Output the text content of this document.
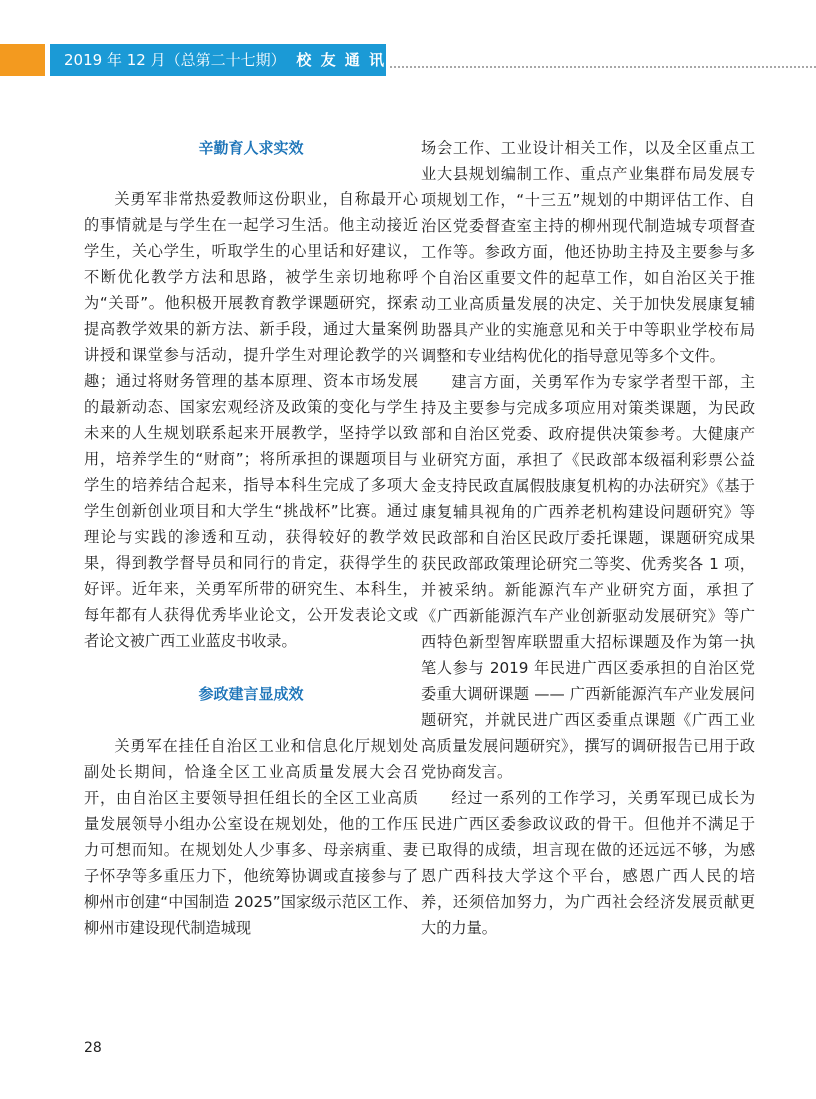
2019 年 12 月（总第二十七期） 校 友 通 讯
辛勤育人求实效

关勇军非常热爱教师这份职业，自称最开心的事情就是与学生在一起学习生活。他主动接近学生，关心学生，听取学生的心里话和好建议，不断优化教学方法和思路，被学生亲切地称呼为“关哥”。他积极开展教育教学课题研究，探索提高教学效果的新方法、新手段，通过大量案例讲授和课堂参与活动，提升学生对理论教学的兴趣；通过将财务管理的基本原理、资本市场发展的最新动态、国家宏观经济及政策的变化与学生未来的人生规划联系起来开展教学，坚持学以致用，培养学生的“财商”；将所承担的课题项目与学生的培养结合起来，指导本科生完成了多项大学生创新创业项目和大学生“挑战杯”比赛。通过理论与实践的渗透和互动，获得较好的教学效果，得到教学督导员和同行的肯定，获得学生的好评。近年来，关勇军所带的研究生、本科生，每年都有人获得优秀毕业论文，公开发表论文或者论文被广西工业蓝皮书收录。

参政建言显成效

关勇军在挂任自治区工业和信息化厅规划处副处长期间，恰逢全区工业高质量发展大会召开，由自治区主要领导担任组长的全区工业高质量发展领导小组办公室设在规划处，他的工作压力可想而知。在规划处人少事多、母亲病重、妻子怀孕等多重压力下，他统筹协调或直接参与了柳州市创建“中国制造 2025”国家级示范区工作、柳州市建设现代制造城现

场会工作、工业设计相关工作，以及全区重点工业大县规划编制工作、重点产业集群布局发展专项规划工作，“十三五”规划的中期评估工作、自治区党委督查室主持的柳州现代制造城专项督查工作等。参政方面，他还协助主持及主要参与多个自治区重要文件的起草工作，如自治区关于推动工业高质量发展的决定、关于加快发展康复辅助器具产业的实施意见和关于中等职业学校布局调整和专业结构优化的指导意见等多个文件。

建言方面，关勇军作为专家学者型干部，主持及主要参与完成多项应用对策类课题，为民政部和自治区党委、政府提供决策参考。大健康产业研究方面，承担了《民政部本级福利彩票公益金支持民政直属假肢康复机构的办法研究》《基于康复辅具视角的广西养老机构建设问题研究》等民政部和自治区民政厅委托课题，课题研究成果获民政部政策理论研究二等奖、优秀奖各 1 项，并被采纳。新能源汽车产业研究方面，承担了《广西新能源汽车产业创新驱动发展研究》等广西特色新型智库联盟重大招标课题及作为第一执笔人参与 2019 年民进广西区委承担的自治区党委重大调研课题 —— 广西新能源汽车产业发展问题研究，并就民进广西区委重点课题《广西工业高质量发展问题研究》，撰写的调研报告已用于政党协商发言。

经过一系列的工作学习，关勇军现已成长为民进广西区委参政议政的骨干。但他并不满足于已取得的成绩，坦言现在做的还远远不够，为感恩广西科技大学这个平台，感恩广西人民的培养，还须倍加努力，为广西社会经济发展贡献更大的力量。

28
